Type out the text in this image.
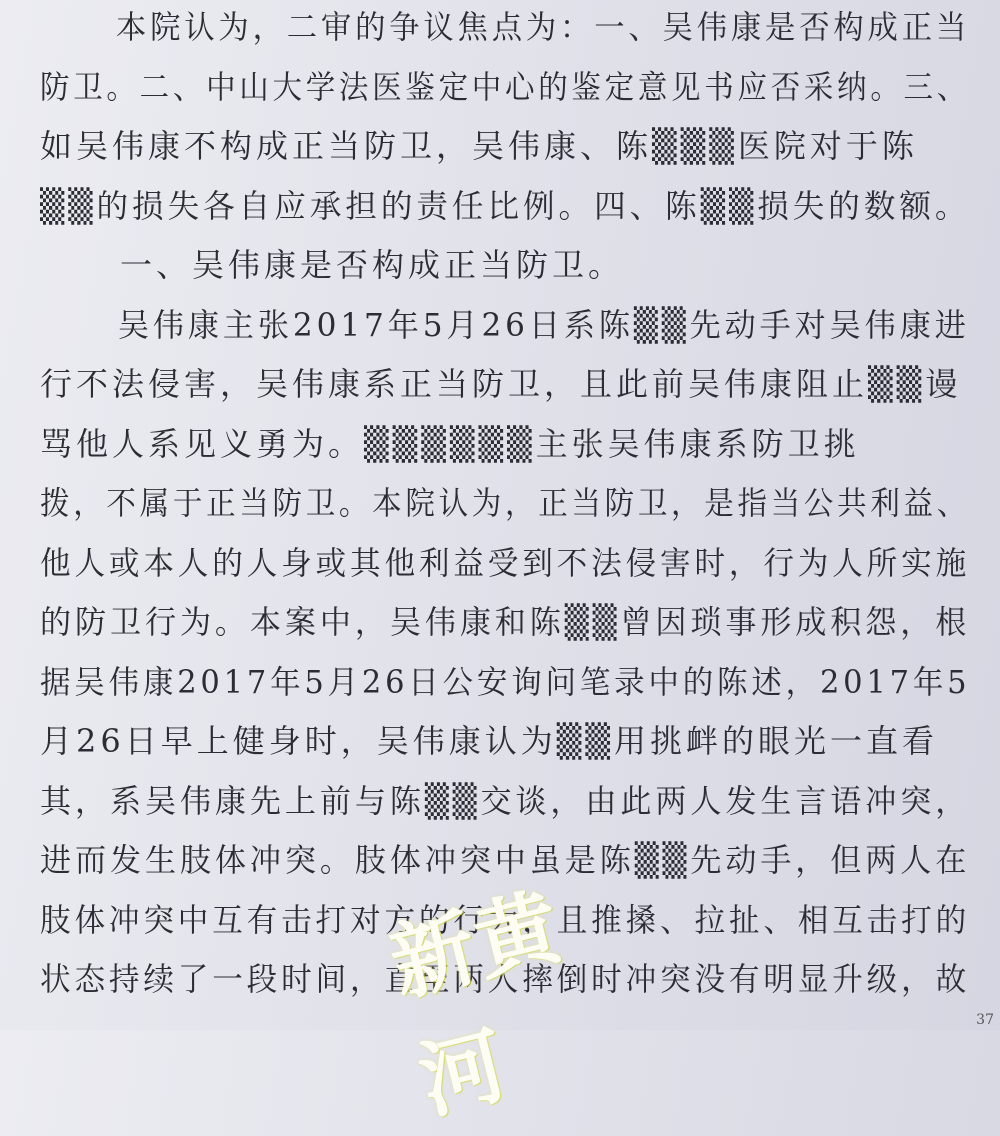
本院认为，二审的争议焦点为：一、吴伟康是否构成正当
防卫。二、中山大学法医鉴定中心的鉴定意见书应否采纳。三、
如吴伟康不构成正当防卫，吴伟康、陈▒▒▒医院对于陈
▒▒的损失各自应承担的责任比例。四、陈▒▒损失的数额。
一、吴伟康是否构成正当防卫。
吴伟康主张2017年5月26日系陈▒▒先动手对吴伟康进
行不法侵害，吴伟康系正当防卫，且此前吴伟康阻止▒▒谩
骂他人系见义勇为。▒▒▒▒▒▒主张吴伟康系防卫挑
拨，不属于正当防卫。本院认为，正当防卫，是指当公共利益、
他人或本人的人身或其他利益受到不法侵害时，行为人所实施
的防卫行为。本案中，吴伟康和陈▒▒曾因琐事形成积怨，根
据吴伟康2017年5月26日公安询问笔录中的陈述，2017年5
月26日早上健身时，吴伟康认为▒▒用挑衅的眼光一直看
其，系吴伟康先上前与陈▒▒交谈，由此两人发生言语冲突，
进而发生肢体冲突。肢体冲突中虽是陈▒▒先动手，但两人在
肢体冲突中互有击打对方的行为，且推搡、拉扯、相互击打的
状态持续了一段时间，直至两人摔倒时冲突没有明显升级，故
新黄河	37
